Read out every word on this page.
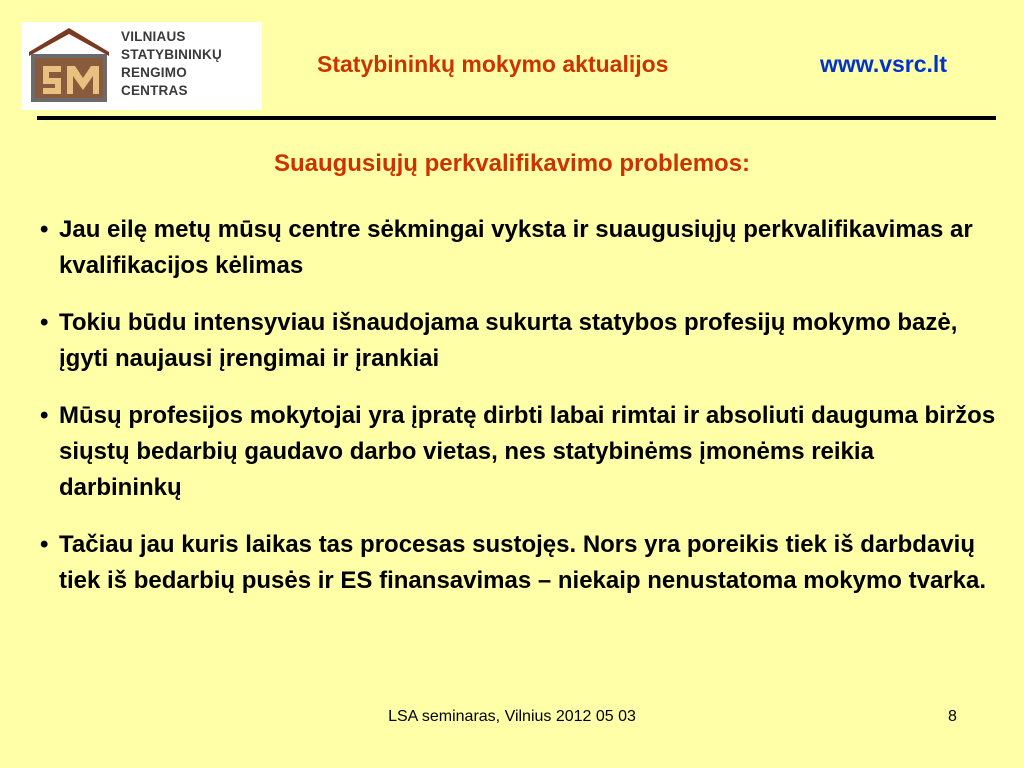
VILNIAUS
STATYBININKŲ
RENGIMO
CENTRAS
Statybininkų mokymo aktualijos	www.vsrc.lt
Suaugusiųjų perkvalifikavimo problemos:
• Jau eilę metų mūsų centre sėkmingai vyksta ir suaugusiųjų perkvalifikavimas ar kvalifikacijos kėlimas
• Tokiu būdu intensyviau išnaudojama sukurta statybos profesijų mokymo bazė, įgyti naujausi įrengimai ir įrankiai
• Mūsų profesijos mokytojai yra įpratę dirbti labai rimtai ir absoliuti dauguma biržos siųstų bedarbių gaudavo darbo vietas, nes statybinėms įmonėms reikia darbininkų
• Tačiau jau kuris laikas tas procesas sustojęs. Nors yra poreikis tiek iš darbdavių tiek iš bedarbių pusės ir ES finansavimas – niekaip nenustatoma mokymo tvarka.
LSA seminaras, Vilnius 2012 05 03	8
